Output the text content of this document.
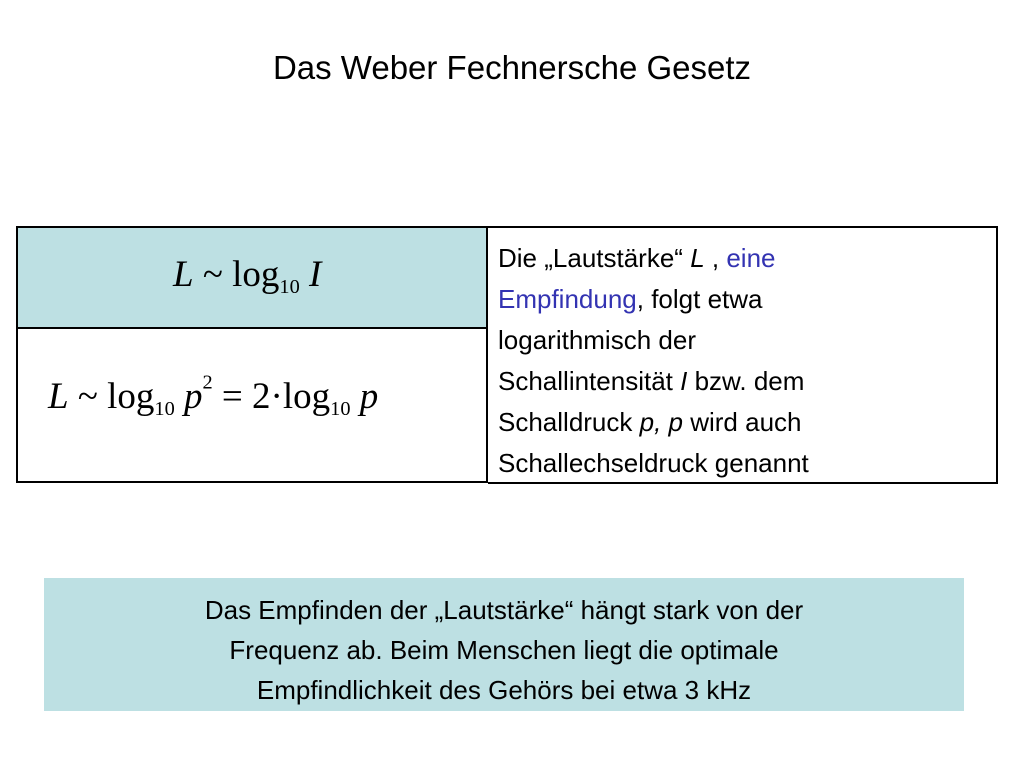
Das Weber Fechnersche Gesetz
L ~ $\log_{10} I$
L ~ $\log_{10} p^2 = 2\cdot\log_{10}$ p
Die „Lautstärke“ L , eine
Empfindung, folgt etwa
logarithmisch der
Schallintensität I bzw. dem
Schalldruck p, p wird auch
Schallechseldruck genannt
Das Empfinden der „Lautstärke“ hängt stark von der
Frequenz ab. Beim Menschen liegt die optimale
Empfindlichkeit des Gehörs bei etwa 3 kHz
